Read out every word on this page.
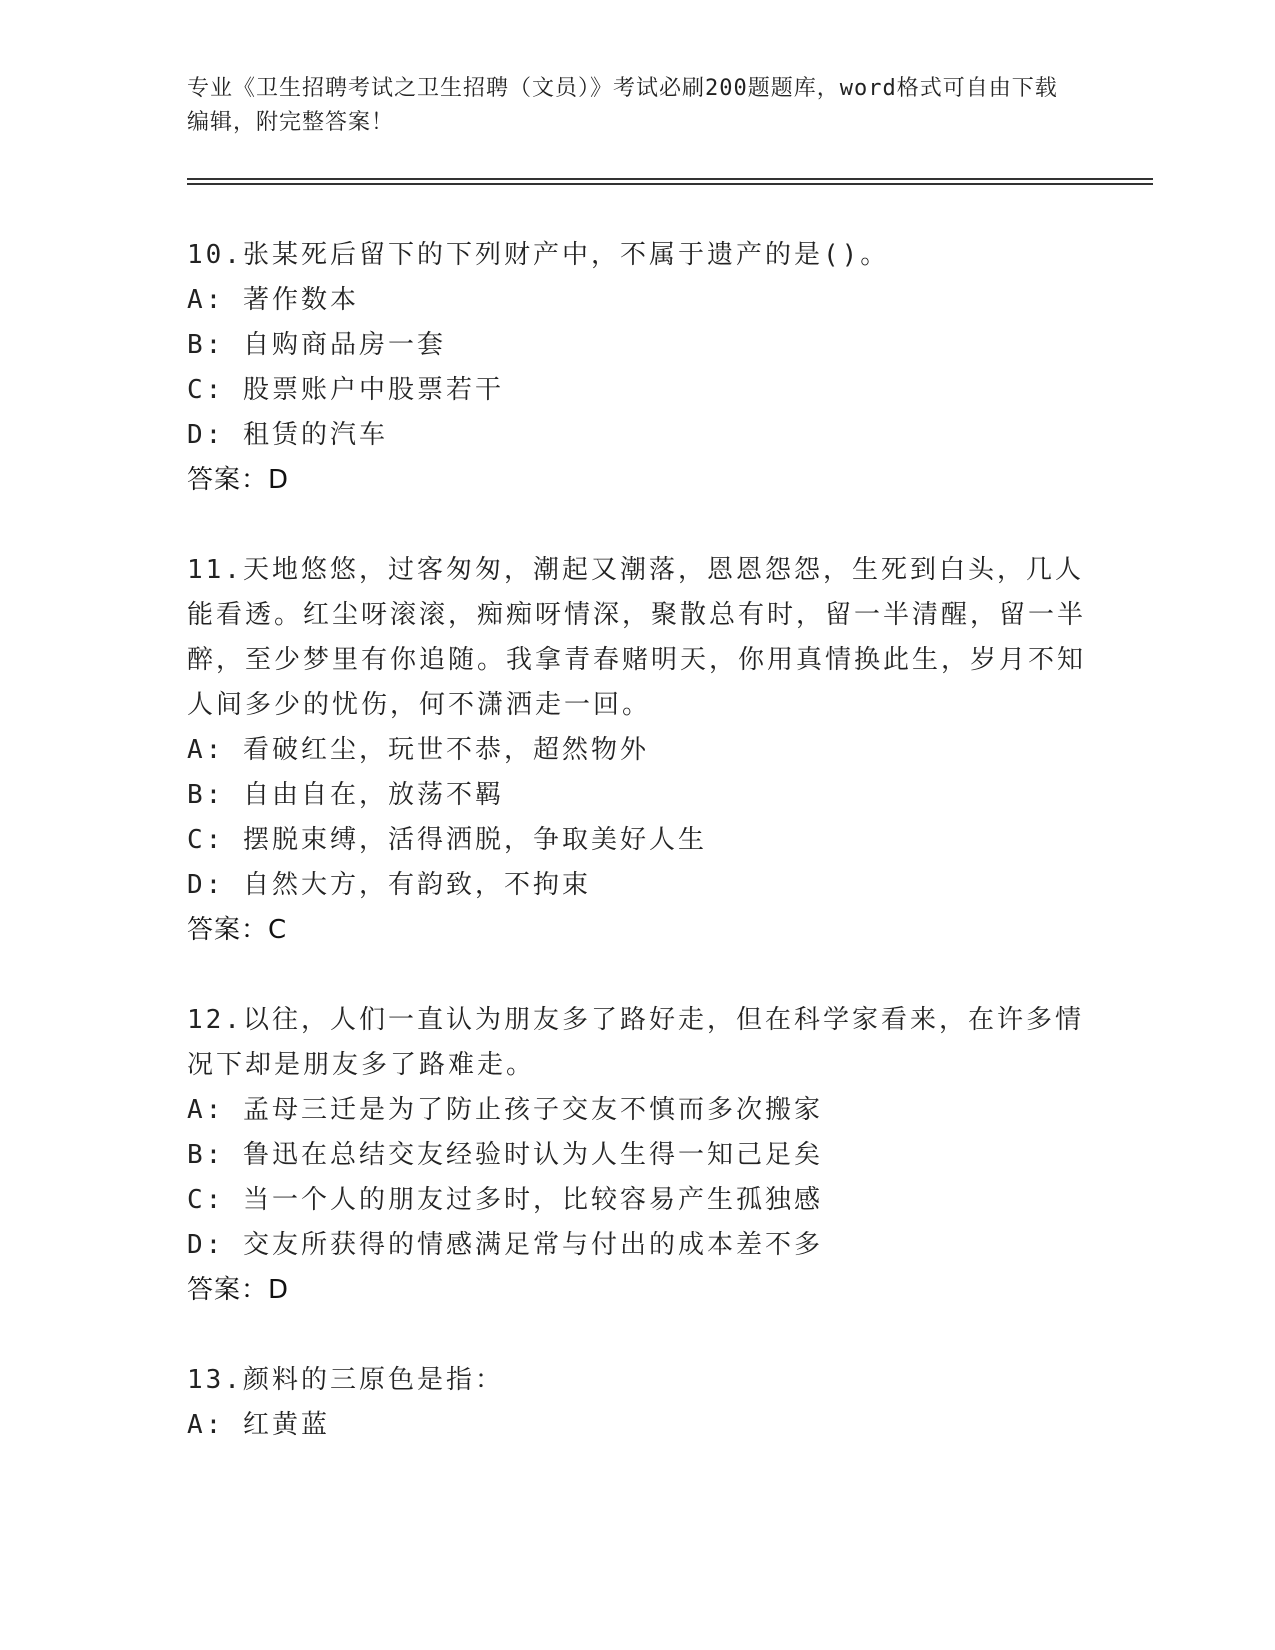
专业《卫生招聘考试之卫生招聘（文员）》考试必刷200题题库，word格式可自由下载编辑，附完整答案！
10.张某死后留下的下列财产中，不属于遗产的是()。
A: 著作数本
B: 自购商品房一套
C: 股票账户中股票若干
D: 租赁的汽车
答案：D
11.天地悠悠，过客匆匆，潮起又潮落，恩恩怨怨，生死到白头，几人能看透。红尘呀滚滚，痴痴呀情深，聚散总有时，留一半清醒，留一半醉，至少梦里有你追随。我拿青春赌明天，你用真情换此生，岁月不知人间多少的忧伤，何不潇洒走一回。
A: 看破红尘，玩世不恭，超然物外
B: 自由自在，放荡不羁
C: 摆脱束缚，活得洒脱，争取美好人生
D: 自然大方，有韵致，不拘束
答案：C
12.以往，人们一直认为朋友多了路好走，但在科学家看来，在许多情况下却是朋友多了路难走。
A: 孟母三迁是为了防止孩子交友不慎而多次搬家
B: 鲁迅在总结交友经验时认为人生得一知己足矣
C: 当一个人的朋友过多时，比较容易产生孤独感
D: 交友所获得的情感满足常与付出的成本差不多
答案：D
13.颜料的三原色是指：
A: 红黄蓝
